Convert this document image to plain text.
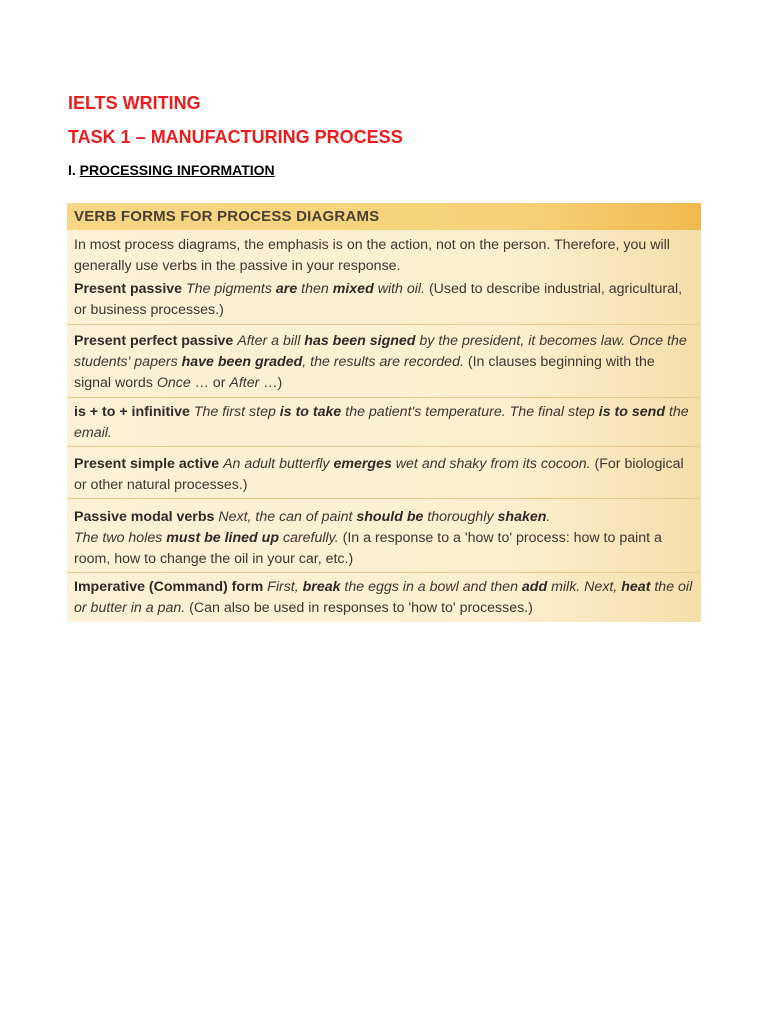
IELTS WRITING
TASK 1 – MANUFACTURING PROCESS
I. PROCESSING INFORMATION
VERB FORMS FOR PROCESS DIAGRAMS
In most process diagrams, the emphasis is on the action, not on the person. Therefore, you will generally use verbs in the passive in your response.
Present passive The pigments are then mixed with oil. (Used to describe industrial, agricultural, or business processes.)
Present perfect passive After a bill has been signed by the president, it becomes law. Once the students' papers have been graded, the results are recorded. (In clauses beginning with the signal words Once … or After …)
is + to + infinitive The first step is to take the patient's temperature. The final step is to send the email.
Present simple active An adult butterfly emerges wet and shaky from its cocoon. (For biological or other natural processes.)
Passive modal verbs Next, the can of paint should be thoroughly shaken.
The two holes must be lined up carefully. (In a response to a 'how to' process: how to paint a room, how to change the oil in your car, etc.)
Imperative (Command) form First, break the eggs in a bowl and then add milk. Next, heat the oil or butter in a pan. (Can also be used in responses to 'how to' processes.)
